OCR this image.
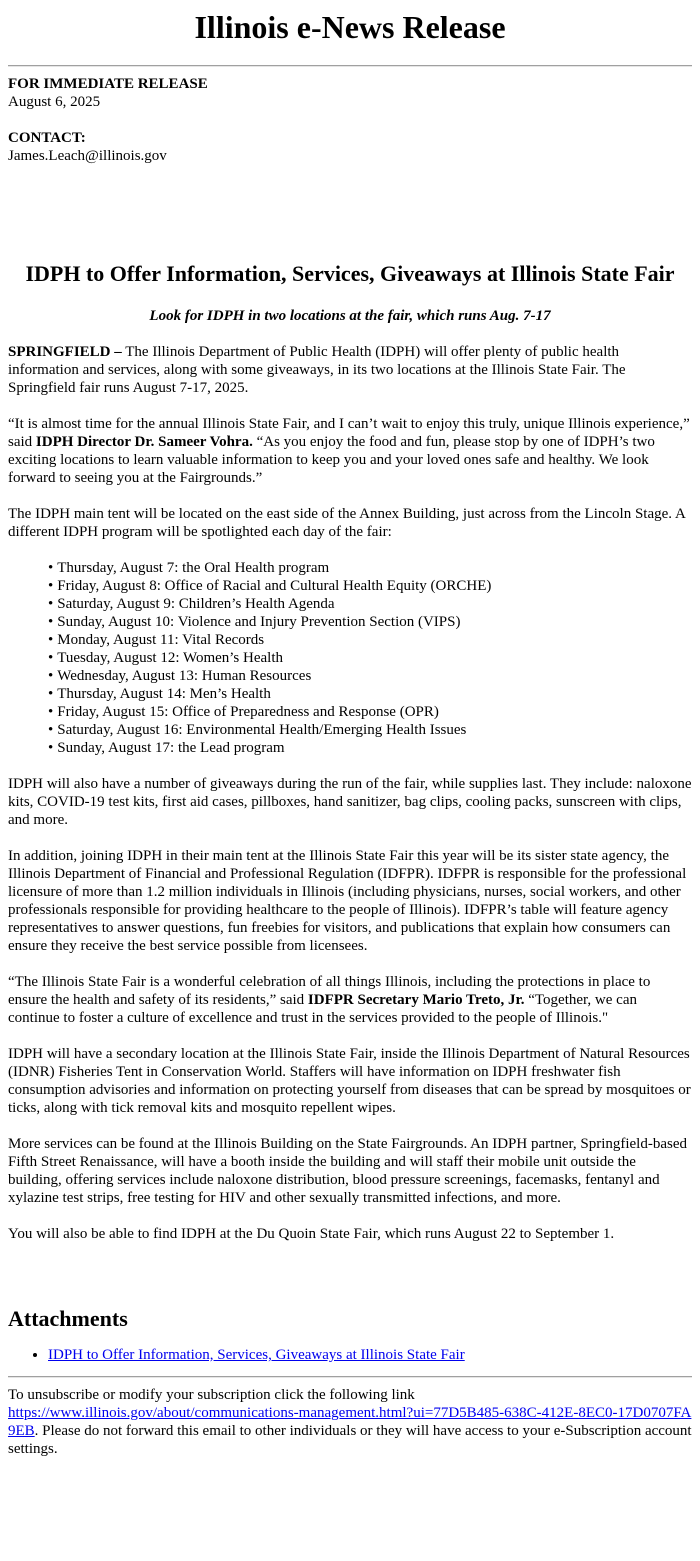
Illinois e-News Release
FOR IMMEDIATE RELEASE
August 6, 2025
CONTACT:
James.Leach@illinois.gov
IDPH to Offer Information, Services, Giveaways at Illinois State Fair
Look for IDPH in two locations at the fair, which runs Aug. 7-17

SPRINGFIELD – The Illinois Department of Public Health (IDPH) will offer plenty of public health information and services, along with some giveaways, in its two locations at the Illinois State Fair. The Springfield fair runs August 7-17, 2025.

“It is almost time for the annual Illinois State Fair, and I can’t wait to enjoy this truly, unique Illinois experience,” said IDPH Director Dr. Sameer Vohra. “As you enjoy the food and fun, please stop by one of IDPH’s two exciting locations to learn valuable information to keep you and your loved ones safe and healthy. We look forward to seeing you at the Fairgrounds.”

The IDPH main tent will be located on the east side of the Annex Building, just across from the Lincoln Stage. A different IDPH program will be spotlighted each day of the fair:

• Thursday, August 7: the Oral Health program
• Friday, August 8: Office of Racial and Cultural Health Equity (ORCHE)
• Saturday, August 9: Children’s Health Agenda
• Sunday, August 10: Violence and Injury Prevention Section (VIPS)
• Monday, August 11: Vital Records
• Tuesday, August 12: Women’s Health
• Wednesday, August 13: Human Resources
• Thursday, August 14: Men’s Health
• Friday, August 15: Office of Preparedness and Response (OPR)
• Saturday, August 16: Environmental Health/Emerging Health Issues
• Sunday, August 17: the Lead program

IDPH will also have a number of giveaways during the run of the fair, while supplies last. They include: naloxone kits, COVID-19 test kits, first aid cases, pillboxes, hand sanitizer, bag clips, cooling packs, sunscreen with clips, and more.

In addition, joining IDPH in their main tent at the Illinois State Fair this year will be its sister state agency, the Illinois Department of Financial and Professional Regulation (IDFPR). IDFPR is responsible for the professional licensure of more than 1.2 million individuals in Illinois (including physicians, nurses, social workers, and other professionals responsible for providing healthcare to the people of Illinois). IDFPR’s table will feature agency representatives to answer questions, fun freebies for visitors, and publications that explain how consumers can ensure they receive the best service possible from licensees.

“The Illinois State Fair is a wonderful celebration of all things Illinois, including the protections in place to ensure the health and safety of its residents,” said IDFPR Secretary Mario Treto, Jr. “Together, we can continue to foster a culture of excellence and trust in the services provided to the people of Illinois."

IDPH will have a secondary location at the Illinois State Fair, inside the Illinois Department of Natural Resources (IDNR) Fisheries Tent in Conservation World. Staffers will have information on IDPH freshwater fish consumption advisories and information on protecting yourself from diseases that can be spread by mosquitoes or ticks, along with tick removal kits and mosquito repellent wipes.

More services can be found at the Illinois Building on the State Fairgrounds. An IDPH partner, Springfield-based Fifth Street Renaissance, will have a booth inside the building and will staff their mobile unit outside the building, offering services include naloxone distribution, blood pressure screenings, facemasks, fentanyl and xylazine test strips, free testing for HIV and other sexually transmitted infections, and more.

You will also be able to find IDPH at the Du Quoin State Fair, which runs August 22 to September 1.

Attachments
• IDPH to Offer Information, Services, Giveaways at Illinois State Fair
To unsubscribe or modify your subscription click the following link
https://www.illinois.gov/about/communications-management.html?ui=77D5B485-638C-412E-8EC0-17D0707FA9EB. Please do not forward this email to other individuals or they will have access to your e-Subscription account settings.
